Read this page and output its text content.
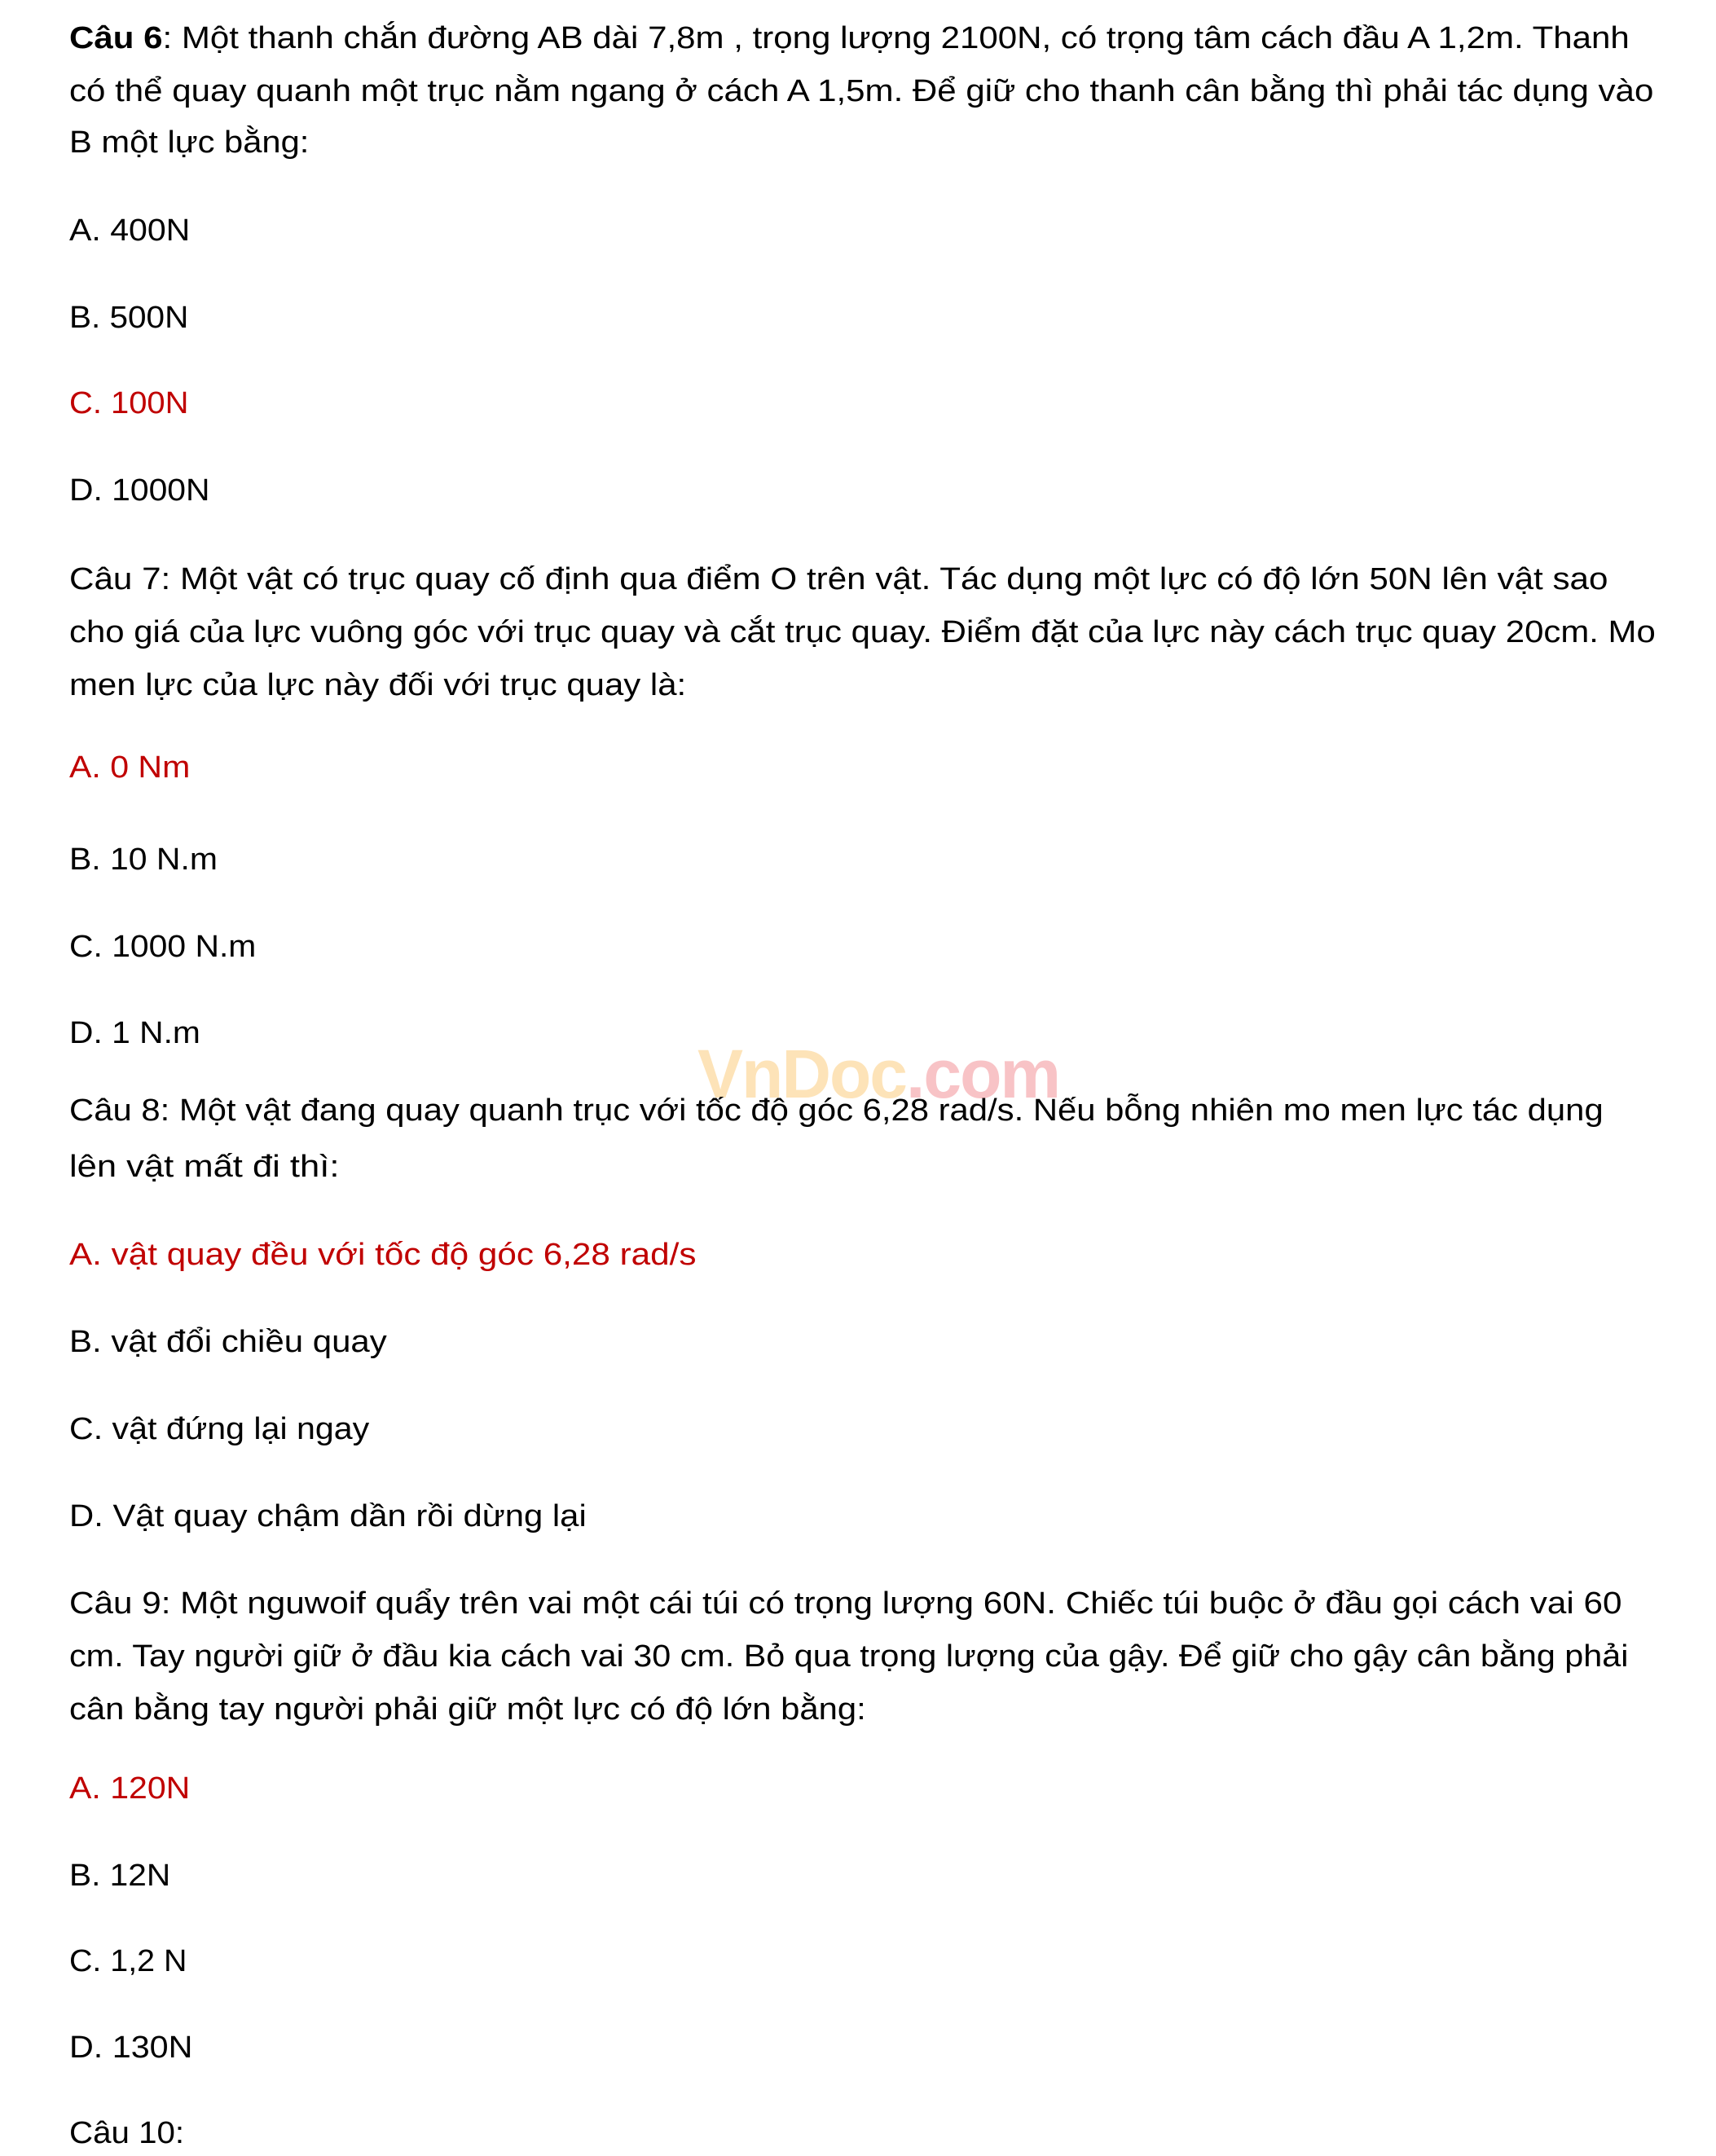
VnDoc.com
Câu 6: Một thanh chắn đường AB dài 7,8m , trọng lượng 2100N, có trọng tâm cách đầu A 1,2m. Thanh
có thể quay quanh một trục nằm ngang ở cách A 1,5m. Để giữ cho thanh cân bằng thì phải tác dụng vào
B một lực bằng:
A. 400N
B. 500N
C. 100N
D. 1000N
Câu 7: Một vật có trục quay cố định qua điểm O trên vật. Tác dụng một lực có độ lớn 50N lên vật sao
cho giá của lực vuông góc với trục quay và cắt trục quay. Điểm đặt của lực này cách trục quay 20cm. Mo
men lực của lực này đối với trục quay là:
A. 0 Nm
B. 10 N.m
C. 1000 N.m
D. 1 N.m
Câu 8: Một vật đang quay quanh trục với tốc độ góc 6,28 rad/s. Nếu bỗng nhiên mo men lực tác dụng
lên vật mất đi thì:
A. vật quay đều với tốc độ góc 6,28 rad/s
B. vật đổi chiều quay
C. vật đứng lại ngay
D. Vật quay chậm dần rồi dừng lại
Câu 9: Một nguwoif quẩy trên vai một cái túi có trọng lượng 60N. Chiếc túi buộc ở đầu gọi cách vai 60
cm. Tay người giữ ở đầu kia cách vai 30 cm. Bỏ qua trọng lượng của gậy. Để giữ cho gậy cân bằng phải
cân bằng tay người phải giữ một lực có độ lớn bằng:
A. 120N
B. 12N
C. 1,2 N
D. 130N
Câu 10:
